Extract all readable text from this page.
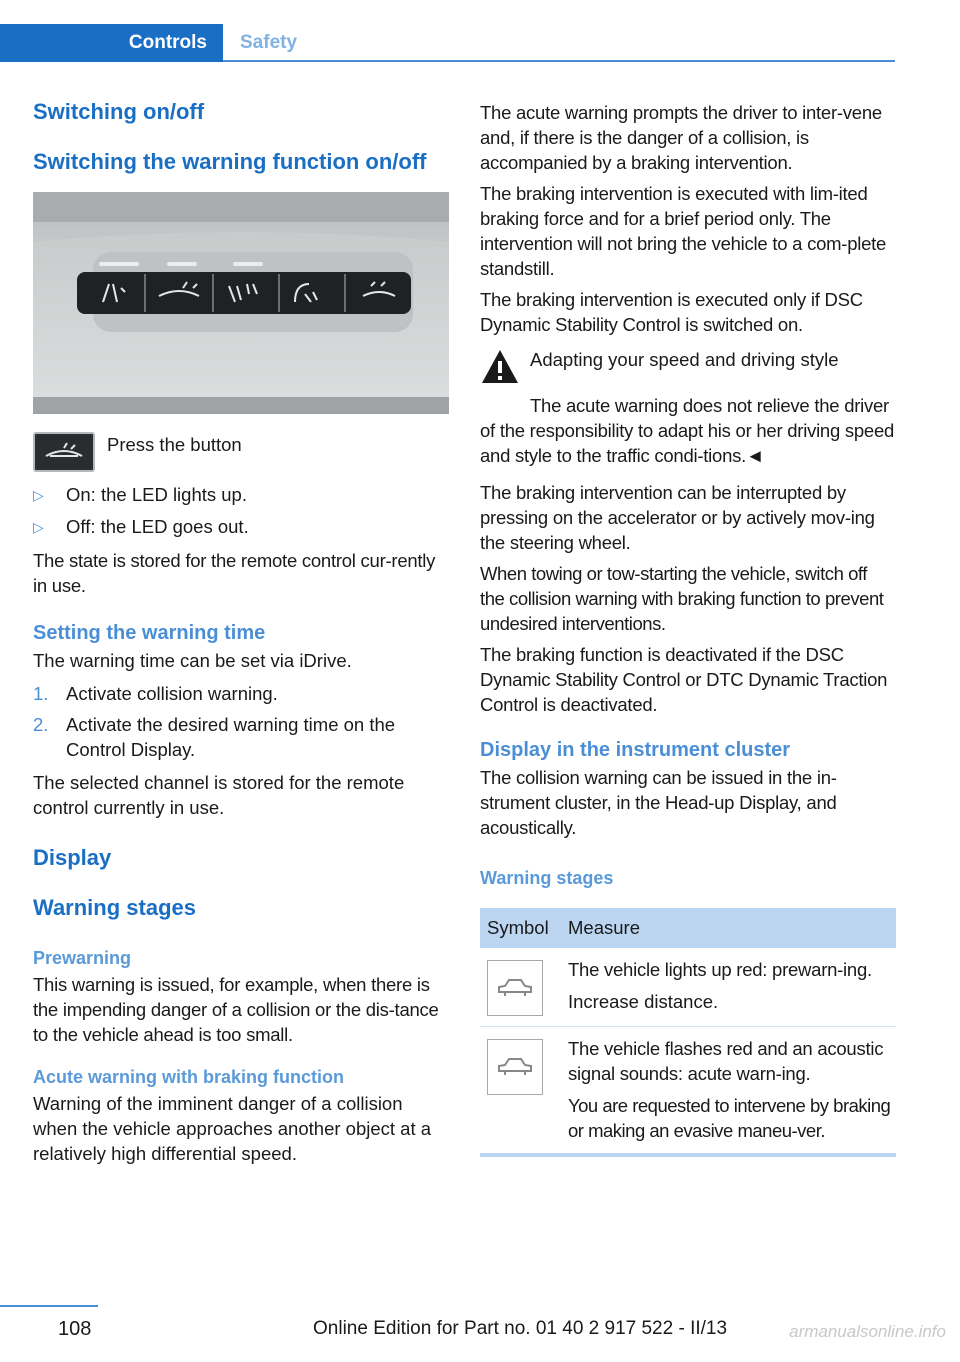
Controls	Safety
Switching on/off
Switching the warning function on/off

Press the button

▷	On: the LED lights up.
▷	Off: the LED goes out.

The state is stored for the remote control cur‐rently in use.

Setting the warning time

The warning time can be set via iDrive.

1. Activate collision warning.
2. Activate the desired warning time on the Control Display.

The selected channel is stored for the remote control currently in use.

Display
Warning stages
Prewarning

This warning is issued, for example, when there is the impending danger of a collision or the dis‐tance to the vehicle ahead is too small.

Acute warning with braking function

Warning of the imminent danger of a collision when the vehicle approaches another object at a relatively high differential speed.

The acute warning prompts the driver to inter‐vene and, if there is the danger of a collision, is accompanied by a braking intervention.

The braking intervention is executed with lim‐ited braking force and for a brief period only. The intervention will not bring the vehicle to a com‐plete standstill.

The braking intervention is executed only if DSC Dynamic Stability Control is switched on.

Adapting your speed and driving style

The acute warning does not relieve the driver of the responsibility to adapt his or her driving speed and style to the traffic condi‐tions.◄

The braking intervention can be interrupted by pressing on the accelerator or by actively mov‐ing the steering wheel.

When towing or tow-starting the vehicle, switch off the collision warning with braking function to prevent undesired interventions.

The braking function is deactivated if the DSC Dynamic Stability Control or DTC Dynamic Traction Control is deactivated.

Display in the instrument cluster

The collision warning can be issued in the in‐strument cluster, in the Head-up Display, and acoustically.

Warning stages
Symbol	Measure

The vehicle lights up red: prewarn‐ing.
Increase distance.

The vehicle flashes red and an acoustic signal sounds: acute warn‐ing.
You are requested to intervene by braking or making an evasive maneu‐ver.
108	Online Edition for Part no. 01 40 2 917 522 - II/13	armanualsonline.info
